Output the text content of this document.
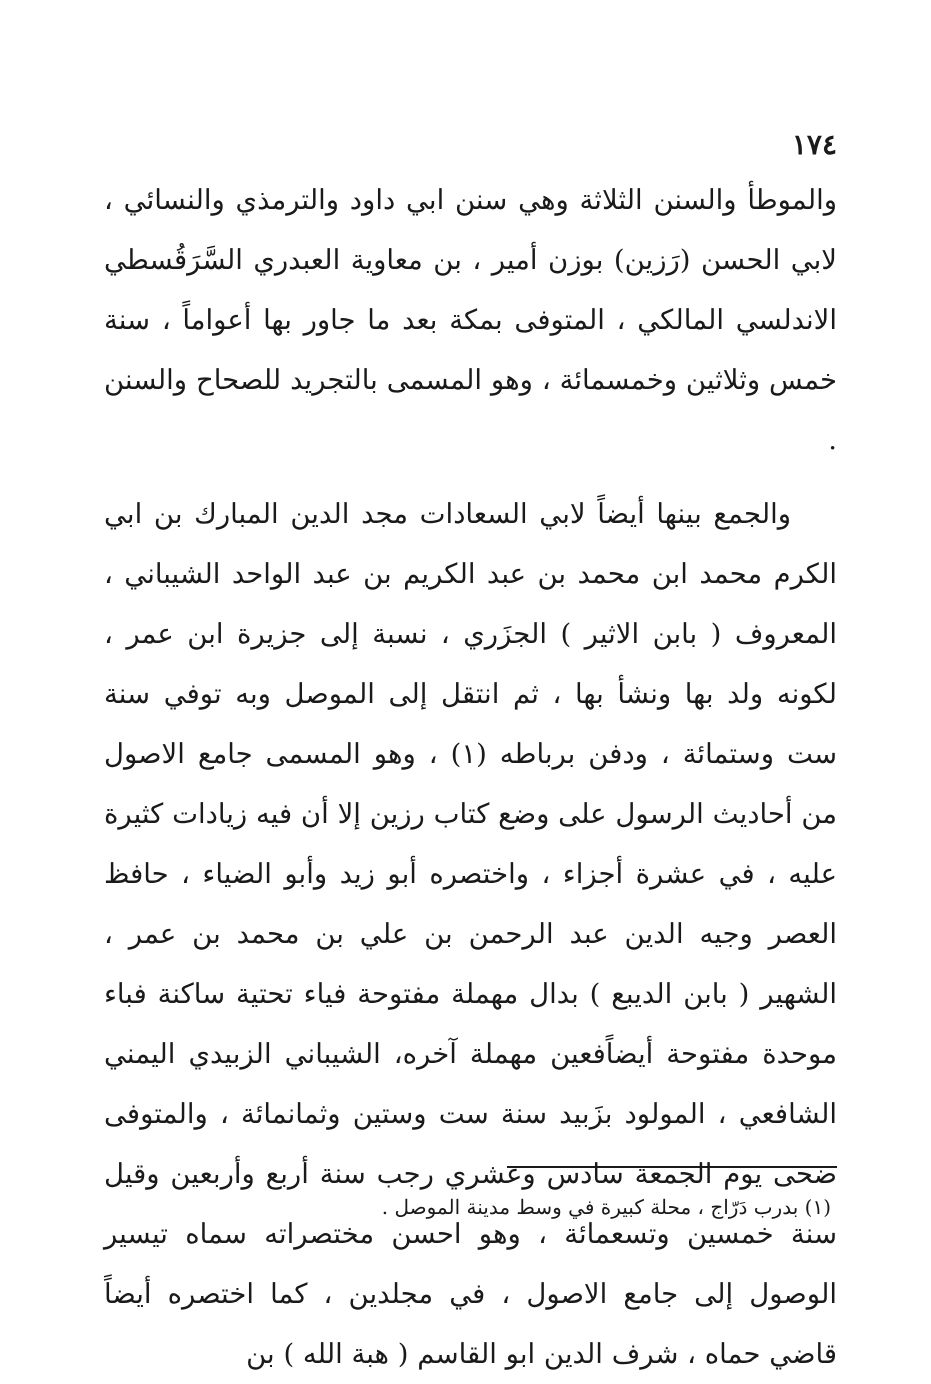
١٧٤

والموطأ والسنن الثلاثة وهي سنن ابي داود والترمذي والنسائي ، لابي الحسن (رَزين) بوزن أمير ، بن معاوية العبدري السَّرَقُسطي الاندلسي المالكي ، المتوفى بمكة بعد ما جاور بها أعواماً ، سنة خمس وثلاثين وخمسمائة ، وهو المسمى بالتجريد للصحاح والسنن .

والجمع بينها أيضاً لابي السعادات مجد الدين المبارك بن ابي الكرم محمد ابن محمد بن عبد الكريم بن عبد الواحد الشيباني ، المعروف ( بابن الاثير ) الجزَري ، نسبة إلى جزيرة ابن عمر ، لكونه ولد بها ونشأ بها ، ثم انتقل إلى الموصل وبه توفي سنة ست وستمائة ، ودفن برباطه (١) ، وهو المسمى جامع الاصول من أحاديث الرسول على وضع كتاب رزين إلا أن فيه زيادات كثيرة عليه ، في عشرة أجزاء ، واختصره أبو زيد وأبو الضياء ، حافظ العصر وجيه الدين عبد الرحمن بن علي بن محمد بن عمر ، الشهير ( بابن الديبع ) بدال مهملة مفتوحة فياء تحتية ساكنة فباء موحدة مفتوحة أيضاًفعين مهملة آخره، الشيباني الزبيدي اليمني الشافعي ، المولود بزَبيد سنة ست وستين وثمانمائة ، والمتوفى ضحى يوم الجمعة سادس وعشري رجب سنة أربع وأربعين وقيل سنة خمسين وتسعمائة ، وهو احسن مختصراته سماه تيسير الوصول إلى جامع الاصول ، في مجلدين ، كما اختصره أيضاً قاضي حماه ، شرف الدين ابو القاسم ( هبة الله ) بن

(١) بدرب دَرّاج ، محلة كبيرة في وسط مدينة الموصل .
